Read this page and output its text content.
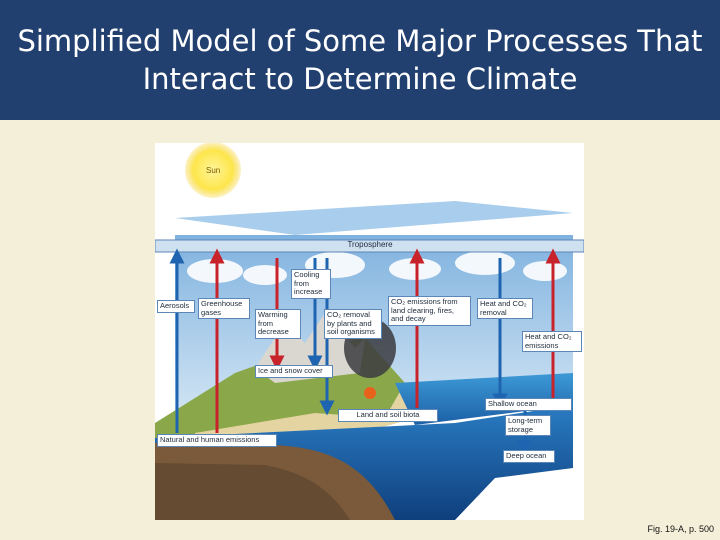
Simplified Model of Some Major Processes That
Interact to Determine Climate
Sun
Troposphere
Aerosols	Greenhouse gases
Cooling from increase
Warming from decrease
CO₂ removal by plants and soil organisms
CO₂ emissions from land clearing, fires, and decay
Heat and CO₂ removal
Heat and CO₂ emissions
Ice and snow cover
Land and soil biota
Shallow ocean
Long-term storage
Deep ocean
Natural and human emissions
Fig. 19-A, p. 500
